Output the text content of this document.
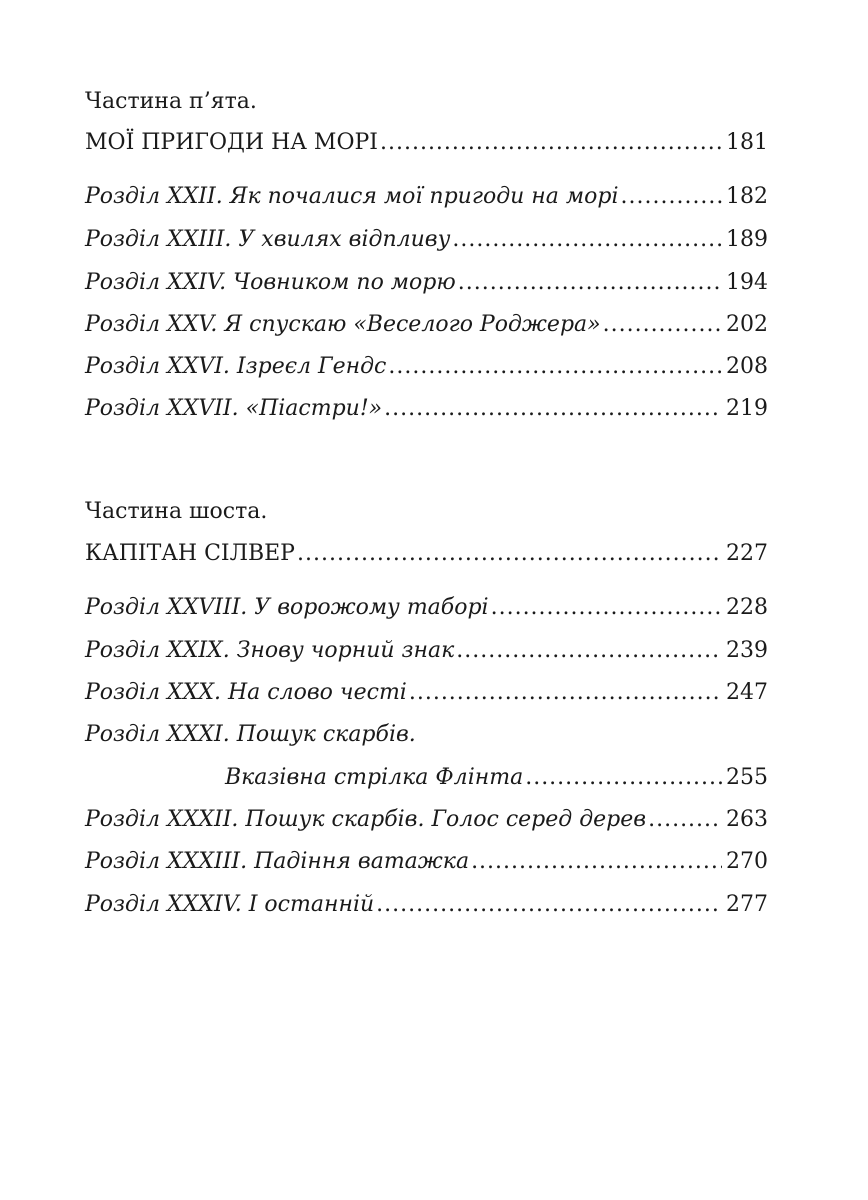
Частина п’ята.
МОЇ ПРИГОДИ НА МОРІ .....	181
Розділ XXII. Як почалися мої пригоди на морі .....	182
Розділ XXIII. У хвилях відпливу .....	189
Розділ XXIV. Човником по морю .....	194
Розділ XXV. Я спускаю «Веселого Роджера» .....	202
Розділ XXVI. Ізреєл Гендс .....	208
Розділ XXVII. «Піастри!» .....	219
Частина шоста.
КАПІТАН СІЛВЕР .....	227
Розділ XXVIII. У ворожому таборі .....	228
Розділ XXIX. Знову чорний знак .....	239
Розділ XXX. На слово честі .....	247
Розділ XXXI. Пошук скарбів.
Вказівна стрілка Флінта .....	255
Розділ XXXII. Пошук скарбів. Голос серед дерев .....	263
Розділ XXXIII. Падіння ватажка .....	270
Розділ XXXIV. І останній .....	277
